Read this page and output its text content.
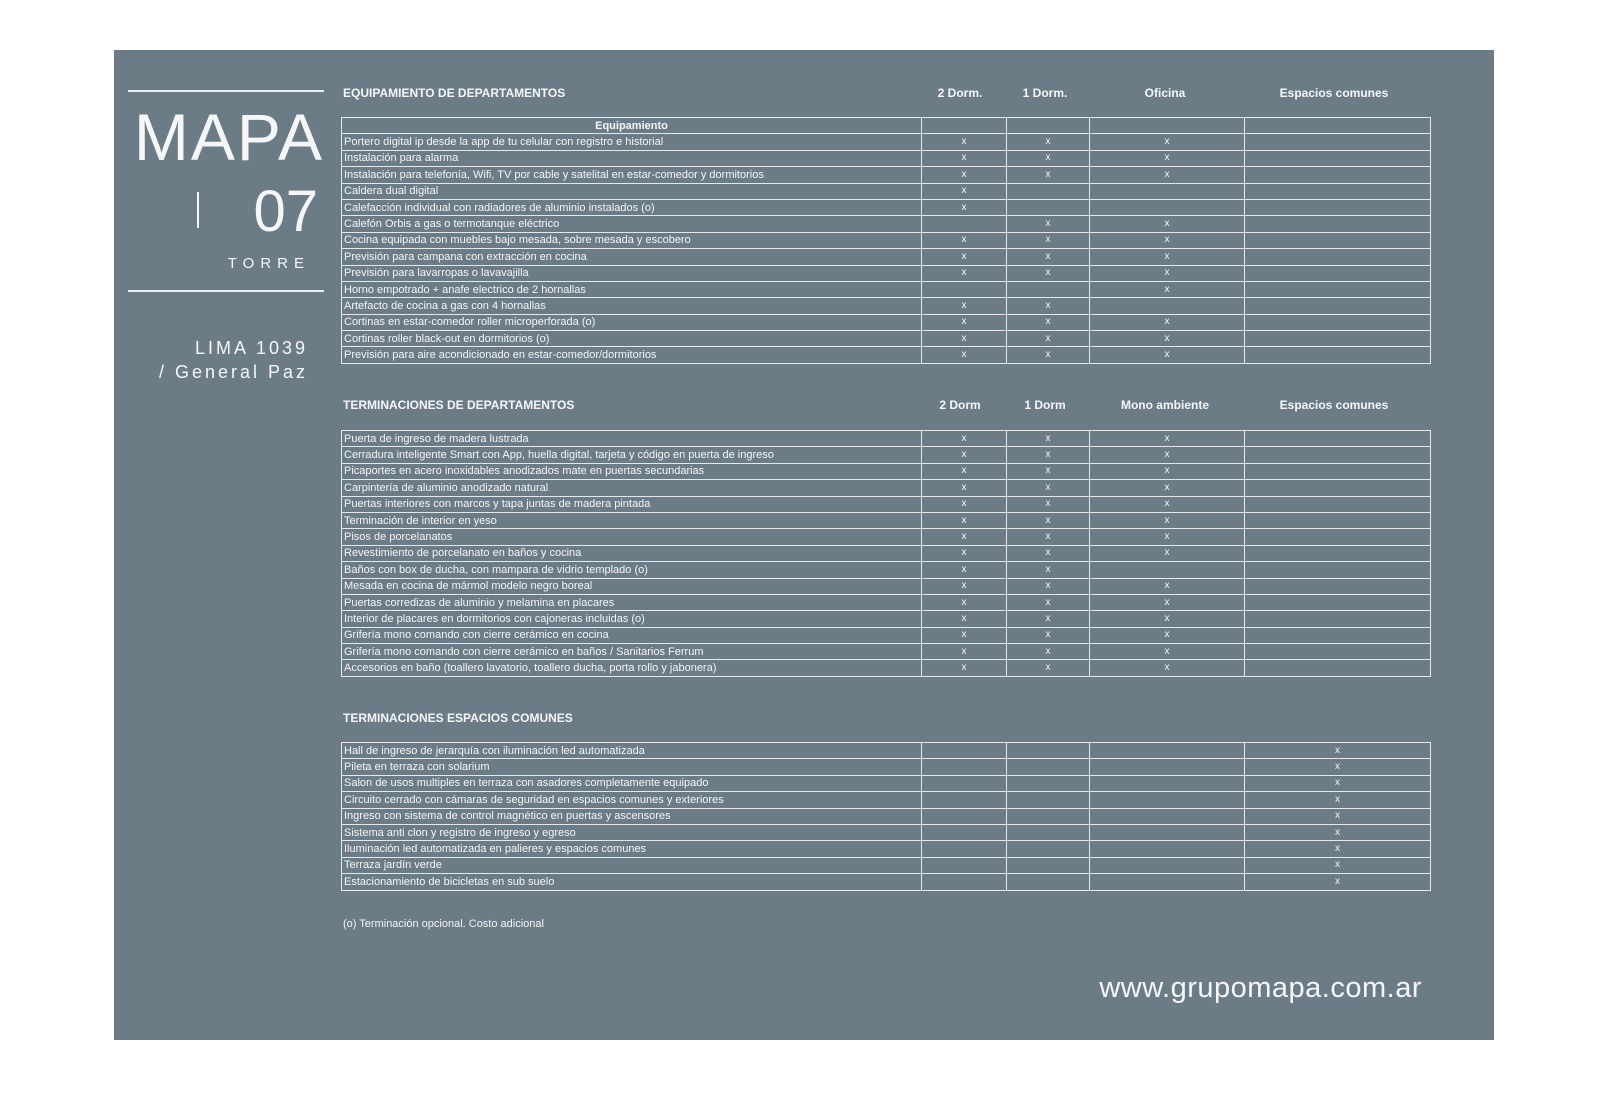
MAPA
07
TORRE
LIMA 1039
/ General Paz
EQUIPAMIENTO DE DEPARTAMENTOS	2 Dorm.	1 Dorm.	Oficina	Espacios comunes
Equipamiento				
Portero digital ip desde la app de tu celular con registro e historial	x	x	x	
Instalación para alarma	x	x	x	
Instalación para telefonía, Wifi, TV por cable y satelital en estar-comedor y dormitorios	x	x	x	
Caldera dual digital	x			
Calefacción individual con radiadores de aluminio instalados (o)	x			
Calefón Orbis a gas o termotanque eléctrico		x	x	
Cocina equipada con muebles bajo mesada, sobre mesada y escobero	x	x	x	
Previsión para campana con extracción en cocina	x	x	x	
Previsión para lavarropas o lavavajilla	x	x	x	
Horno empotrado + anafe electrico de 2 hornallas			x	
Artefacto de cocina a gas con 4 hornallas	x	x		
Cortinas en estar-comedor roller microperforada (o)	x	x	x	
Cortinas roller black-out en dormitorios (o)	x	x	x	
Previsión para aire acondicionado en estar-comedor/dormitorios	x	x	x	
TERMINACIONES DE DEPARTAMENTOS	2 Dorm	1 Dorm	Mono ambiente	Espacios comunes
Puerta de ingreso de madera lustrada	x	x	x	
Cerradura inteligente Smart con App, huella digital, tarjeta y código en puerta de ingreso	x	x	x	
Picaportes en acero inoxidables anodizados mate en puertas secundarias	x	x	x	
Carpintería de aluminio anodizado natural	x	x	x	
Puertas interiores con marcos y tapa juntas de madera pintada	x	x	x	
Terminación de interior en yeso	x	x	x	
Pisos de porcelanatos	x	x	x	
Revestimiento de porcelanato en baños y cocina	x	x	x	
Baños con box de ducha, con mampara de vidrio templado (o)	x	x		
Mesada en cocina de mármol modelo negro boreal	x	x	x	
Puertas corredizas de aluminio y melamina en placares	x	x	x	
Interior de placares en dormitorios con cajoneras incluidas (o)	x	x	x	
Grifería mono comando con cierre cerámico en cocina	x	x	x	
Grifería mono comando con cierre cerámico en baños / Sanitarios Ferrum	x	x	x	
Accesorios en baño (toallero lavatorio, toallero ducha, porta rollo y jabonera)	x	x	x	
TERMINACIONES ESPACIOS COMUNES
Hall de ingreso de jerarquía con iluminación led automatizada				x
Pileta en terraza con solarium				x
Salon de usos multiples en terraza con asadores completamente equipado				x
Circuito cerrado con cámaras de seguridad en espacios comunes y exteriores				x
Ingreso con sistema de control magnético en puertas y ascensores				x
Sistema anti clon y registro de ingreso y egreso				x
Iluminación led automatizada en palieres y espacios comunes				x
Terraza jardín verde				x
Estacionamiento de bicicletas en sub suelo				x
(o) Terminación opcional. Costo adicional
www.grupomapa.com.ar
